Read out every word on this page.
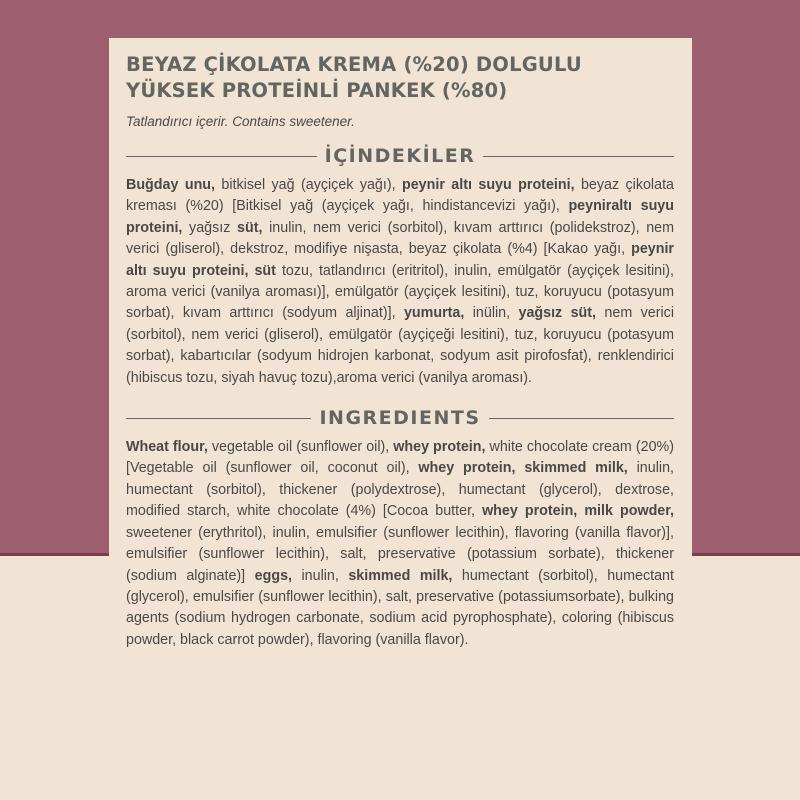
BEYAZ ÇİKOLATA KREMA (%20) DOLGULU
YÜKSEK PROTEİNLİ PANKEK (%80)

Tatlandırıcı içerir. Contains sweetener.

İÇİNDEKİLER

Buğday unu, bitkisel yağ (ayçiçek yağı), peynir altı suyu proteini, beyaz çikolata kreması (%20) [Bitkisel yağ (ayçiçek yağı, hindistancevizi yağı), peyniraltı suyu proteini, yağsız süt, inulin, nem verici (sorbitol), kıvam arttırıcı (polidekstroz), nem verici (gliserol), dekstroz, modifiye nişasta, beyaz çikolata (%4) [Kakao yağı, peynir altı suyu proteini, süt tozu, tatlandırıcı (eritritol), inulin, emülgatör (ayçiçek lesitini), aroma verici (vanilya aroması)], emülgatör (ayçiçek lesitini), tuz, koruyucu (potasyum sorbat), kıvam arttırıcı (sodyum aljinat)], yumurta, inülin, yağsız süt, nem verici (sorbitol), nem verici (gliserol), emülgatör (ayçiçeği lesitini), tuz, koruyucu (potasyum sorbat), kabartıcılar (sodyum hidrojen karbonat, sodyum asit pirofosfat), renklendirici (hibiscus tozu, siyah havuç tozu),aroma verici (vanilya aroması).

INGREDIENTS

Wheat flour, vegetable oil (sunflower oil), whey protein, white chocolate cream (20%) [Vegetable oil (sunflower oil, coconut oil), whey protein, skimmed milk, inulin, humectant (sorbitol), thickener (polydextrose), humectant (glycerol), dextrose, modified starch, white chocolate (4%) [Cocoa butter, whey protein, milk powder, sweetener (erythritol), inulin, emulsifier (sunflower lecithin), flavoring (vanilla flavor)], emulsifier (sunflower lecithin), salt, preservative (potassium sorbate), thickener (sodium alginate)] eggs, inulin, skimmed milk, humectant (sorbitol), humectant (glycerol), emulsifier (sunflower lecithin), salt, preservative (potassiumsorbate), bulking agents (sodium hydrogen carbonate, sodium acid pyrophosphate), coloring (hibiscus powder, black carrot powder), flavoring (vanilla flavor).
